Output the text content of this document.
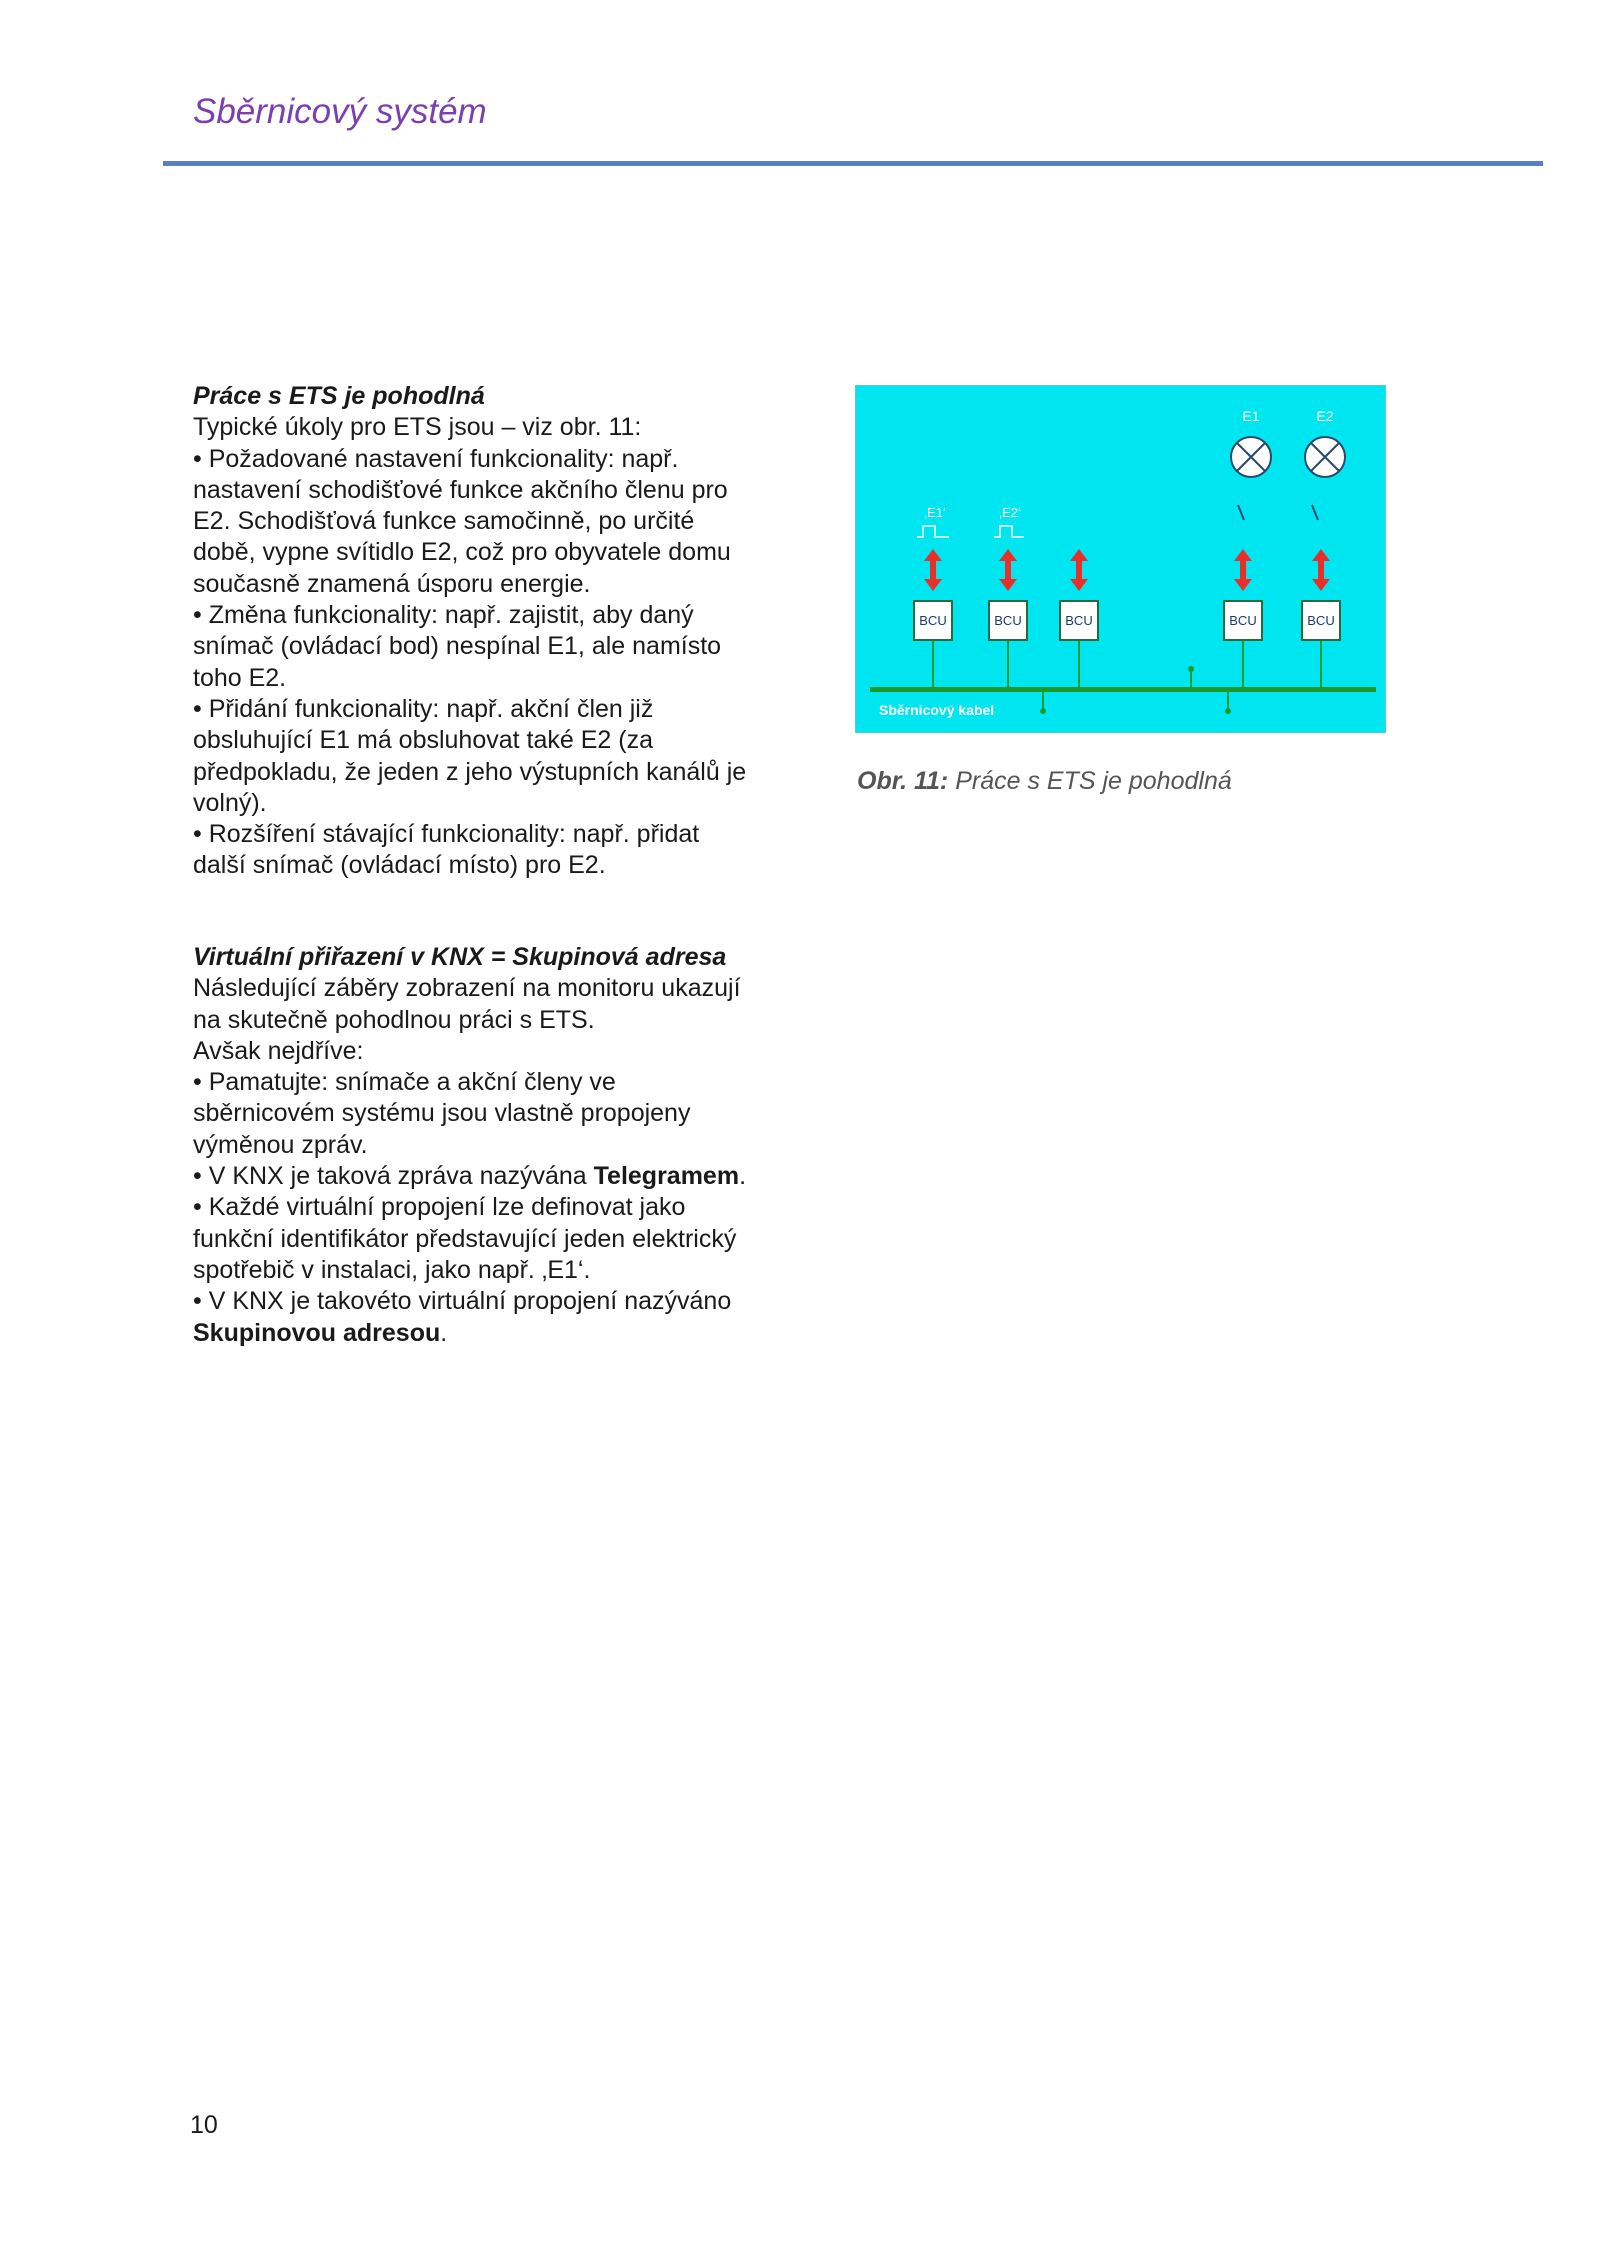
Sběrnicový systém

Práce s ETS je pohodlná

Typické úkoly pro ETS jsou – viz obr. 11:

• Požadované nastavení funkcionality: např. nastavení schodišťové funkce akčního členu pro E2. Schodišťová funkce samočinně, po určité době, vypne svítidlo E2, což pro obyvatele domu současně znamená úsporu energie.

• Změna funkcionality: např. zajistit, aby daný snímač (ovládací bod) nespínal E1, ale namísto toho E2.

• Přidání funkcionality: např. akční člen již obsluhující E1 má obsluhovat také E2 (za předpokladu, že jeden z jeho výstupních kanálů je volný).

• Rozšíření stávající funkcionality: např. přidat další snímač (ovládací místo) pro E2.

Virtuální přiřazení v KNX = Skupinová adresa

Následující záběry zobrazení na monitoru ukazují na skutečně pohodlnou práci s ETS.

Avšak nejdříve:

• Pamatujte: snímače a akční členy ve sběrnicovém systému jsou vlastně propojeny výměnou zpráv.

• V KNX je taková zpráva nazývána Telegramem.

• Každé virtuální propojení lze definovat jako funkční identifikátor představující jeden elektrický spotřebič v instalaci, jako např. ‚E1‘.

• V KNX je takovéto virtuální propojení nazýváno Skupinovou adresou.

Sběrnicový kabel
BCU	BCU	BCU	BCU	BCU
‚E1‘	‚E2‘
E1	E2
Obr. 11: Práce s ETS je pohodlná
10
